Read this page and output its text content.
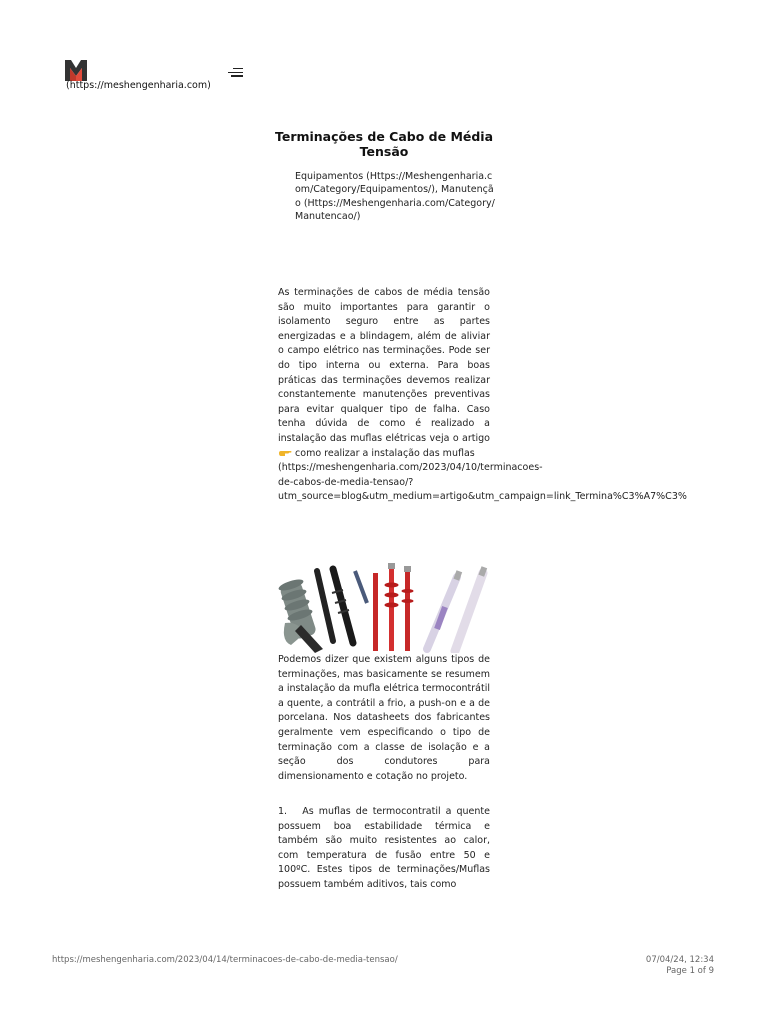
(https://meshengenharia.com)
Terminações de Cabo de Média Tensão
Equipamentos (Https://Meshengenharia.com/Category/Equipamentos/), Manutenção (Https://Meshengenharia.com/Category/Manutencao/)
As terminações de cabos de média tensão são muito importantes para garantir o isolamento seguro entre as partes energizadas e a blindagem, além de aliviar o campo elétrico nas terminações. Pode ser do tipo interna ou externa. Para boas práticas das terminações devemos realizar constantemente manutenções preventivas para evitar qualquer tipo de falha. Caso tenha dúvida de como é realizado a instalação das muflas elétricas veja o artigo  como realizar a instalação das muflas
(https://meshengenharia.com/2023/04/10/terminacoes-
de-cabos-de-media-tensao/?
utm_source=blog&utm_medium=artigo&utm_campaign=link_Termina%C3%A7%C3%
Podemos dizer que existem alguns tipos de terminações, mas basicamente se resumem a instalação da mufla elétrica termocontrátil a quente, a contrátil a frio, a push-on e a de porcelana. Nos datasheets dos fabricantes geralmente vem especificando o tipo de terminação com a classe de isolação e a seção dos condutores para dimensionamento e cotação no projeto.
1. As muflas de termocontratil a quente possuem boa estabilidade térmica e também são muito resistentes ao calor, com temperatura de fusão entre 50 e 100ºC. Estes tipos de terminações/Muflas possuem também aditivos, tais como
https://meshengenharia.com/2023/04/14/terminacoes-de-cabo-de-media-tensao/	07/04/24, 12:34
Page 1 of 9
